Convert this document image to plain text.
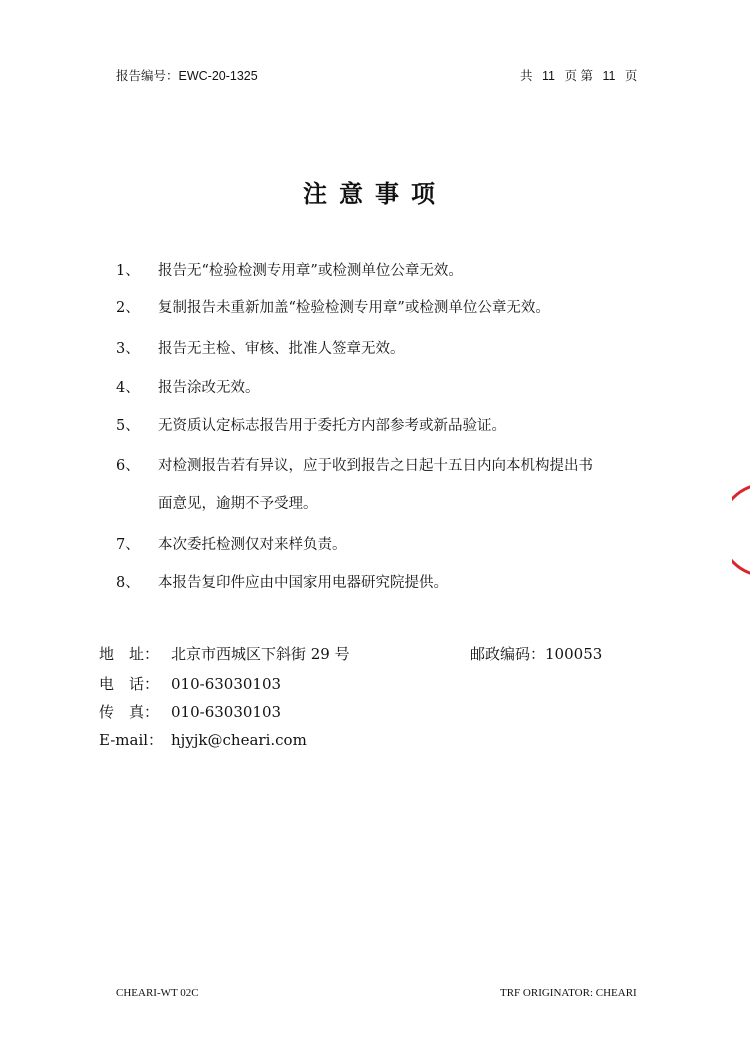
报告编号：EWC-20-1325	共 11 页 第 11 页
注意事项
1、 报告无“检验检测专用章”或检测单位公章无效。
2、 复制报告未重新加盖“检验检测专用章”或检测单位公章无效。
3、 报告无主检、审核、批准人签章无效。
4、 报告涂改无效。
5、 无资质认定标志报告用于委托方内部参考或新品验证。
6、 对检测报告若有异议，应于收到报告之日起十五日内向本机构提出书
面意见，逾期不予受理。
7、 本次委托检测仅对来样负责。
8、 本报告复印件应由中国家用电器研究院提供。
地　址： 北京市西城区下斜街 29 号	邮政编码：100053
电　话： 010-63030103
传　真： 010-63030103
E-mail： hjyjk@cheari.com
CHEARI-WT 02C	TRF ORIGINATOR: CHEARI
